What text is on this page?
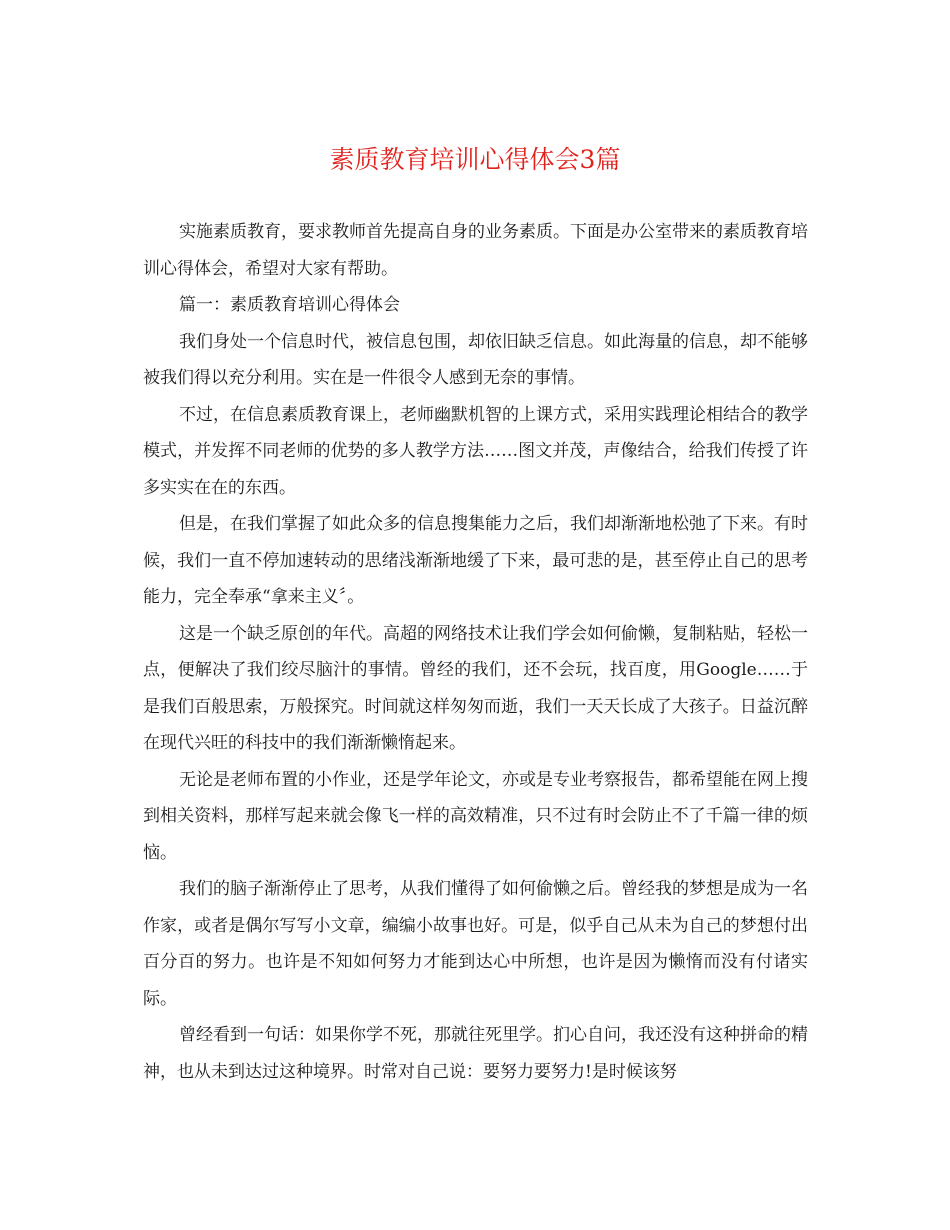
素质教育培训心得体会3篇

实施素质教育，要求教师首先提高自身的业务素质。下面是办公室带来的素质教育培训心得体会，希望对大家有帮助。

篇一：素质教育培训心得体会

我们身处一个信息时代，被信息包围，却依旧缺乏信息。如此海量的信息，却不能够被我们得以充分利用。实在是一件很令人感到无奈的事情。

不过，在信息素质教育课上，老师幽默机智的上课方式，采用实践理论相结合的教学模式，并发挥不同老师的优势的多人教学方法……图文并茂，声像结合，给我们传授了许多实实在在的东西。

但是，在我们掌握了如此众多的信息搜集能力之后，我们却渐渐地松弛了下来。有时候，我们一直不停加速转动的思绪浅渐渐地缓了下来，最可悲的是，甚至停止自己的思考能力，完全奉承“拿来主义〞。

这是一个缺乏原创的年代。高超的网络技术让我们学会如何偷懒，复制粘贴，轻松一点，便解决了我们绞尽脑汁的事情。曾经的我们，还不会玩，找百度，用Google……于是我们百般思索，万般探究。时间就这样匆匆而逝，我们一天天长成了大孩子。日益沉醉在现代兴旺的科技中的我们渐渐懒惰起来。

无论是老师布置的小作业，还是学年论文，亦或是专业考察报告，都希望能在网上搜到相关资料，那样写起来就会像飞一样的高效精准，只不过有时会防止不了千篇一律的烦恼。

我们的脑子渐渐停止了思考，从我们懂得了如何偷懒之后。曾经我的梦想是成为一名作家，或者是偶尔写写小文章，编编小故事也好。可是，似乎自己从未为自己的梦想付出百分百的努力。也许是不知如何努力才能到达心中所想，也许是因为懒惰而没有付诸实际。

曾经看到一句话：如果你学不死，那就往死里学。扪心自问，我还没有这种拼命的精神，也从未到达过这种境界。时常对自己说：要努力要努力!是时候该努
